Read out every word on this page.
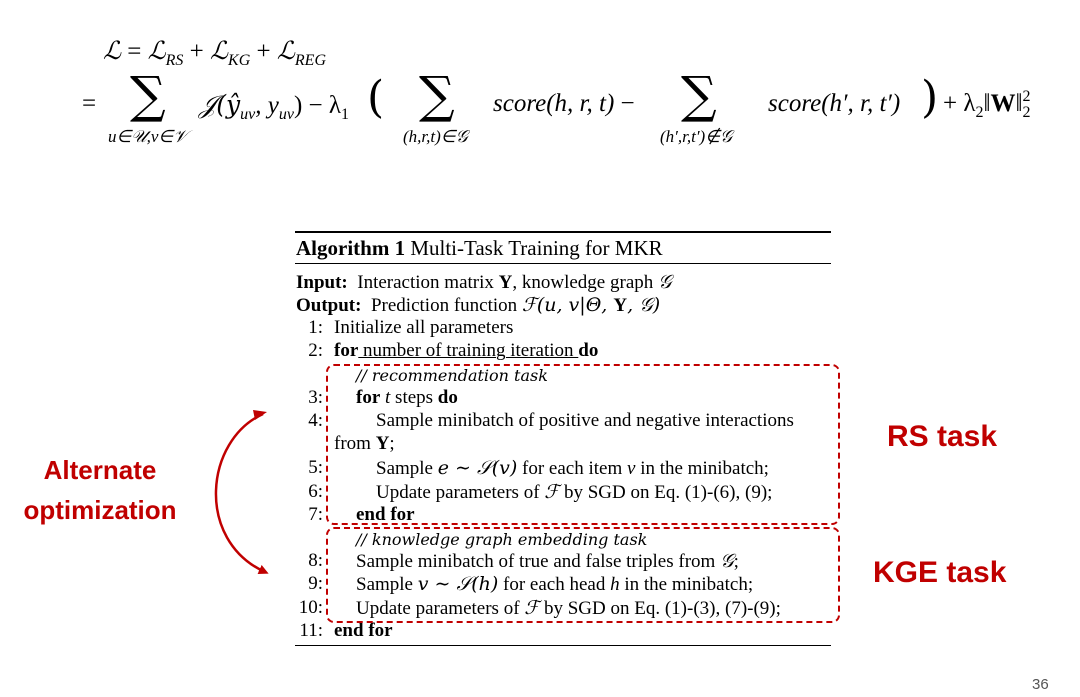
ℒ = ℒ$_{RS}$ + ℒ$_{KG}$ + ℒ$_{REG}$
= ∑
u∈𝒰,v∈𝒱
$𝒥(ŷ_{uv}$, $y_{uv}) - \lambda_1$ ( ∑
(h,r,t)∈𝒢
score(h, r, t) − ∑
(h′,r,t′)∉𝒢
score(h′, r, t′) ) + $\lambda_2‖W‖^2_2$
Algorithm 1 Multi-Task Training for MKR
Input: Interaction matrix Y, knowledge graph 𝒢
Output: Prediction function ℱ(u, v|Θ, Y, 𝒢)
1: Initialize all parameters
2: for number of training iteration do
// recommendation task
3: for t steps do
4:	Sample minibatch of positive and negative interactions
from Y;
5:	Sample e ∼ 𝒮(v) for each item v in the minibatch;
6:	Update parameters of ℱ by SGD on Eq. (1)-(6), (9);
7: end for
// knowledge graph embedding task
8: Sample minibatch of true and false triples from 𝒢;
9: Sample v ∼ 𝒮(h) for each head h in the minibatch;
10: Update parameters of ℱ by SGD on Eq. (1)-(3), (7)-(9);
11: end for
RS task
KGE task
Alternate
optimization
36
